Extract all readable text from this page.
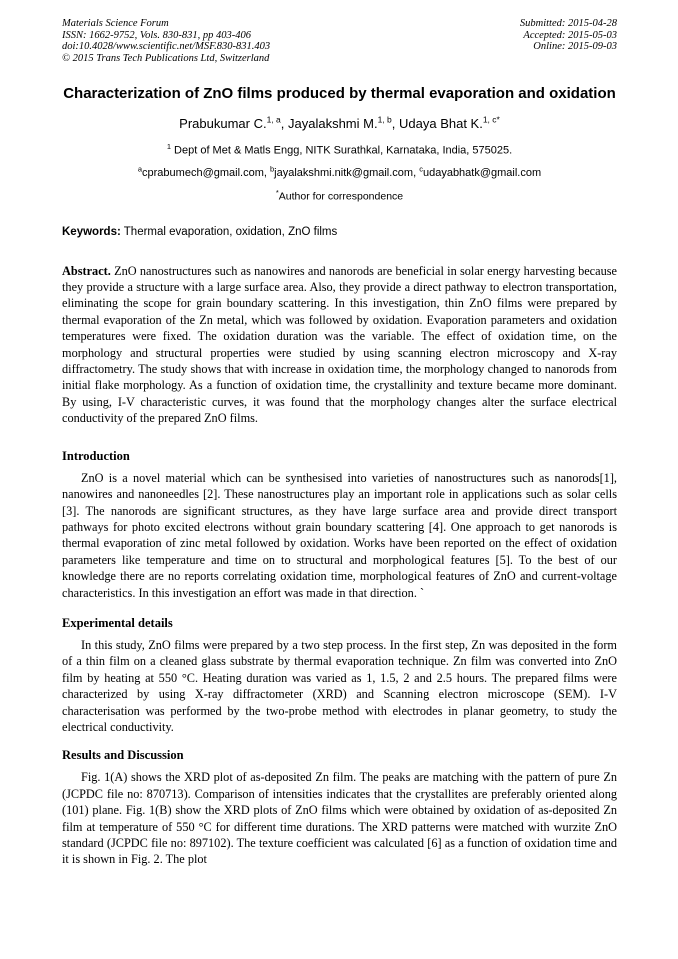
Materials Science Forum
ISSN: 1662-9752, Vols. 830-831, pp 403-406
doi:10.4028/www.scientific.net/MSF.830-831.403
© 2015 Trans Tech Publications Ltd, Switzerland
Submitted: 2015-04-28
Accepted: 2015-05-03
Online: 2015-09-03
Characterization of ZnO films produced by thermal evaporation and oxidation
Prabukumar C.$^{1, a}$, Jayalakshmi M.$^{1, b}$, Udaya Bhat K.$^{1, c*}$
$^1$ Dept of Met & Matls Engg, NITK Surathkal, Karnataka, India, 575025.
$^a$cprabumech@gmail.com, $^b$jayalakshmi.nitk@gmail.com, $^c$udayabhatk@gmail.com
*Author for correspondence
Keywords: Thermal evaporation, oxidation, ZnO films

Abstract. ZnO nanostructures such as nanowires and nanorods are beneficial in solar energy harvesting because they provide a structure with a large surface area. Also, they provide a direct pathway to electron transportation, eliminating the scope for grain boundary scattering. In this investigation, thin ZnO films were prepared by thermal evaporation of the Zn metal, which was followed by oxidation. Evaporation parameters and oxidation temperatures were fixed. The oxidation duration was the variable. The effect of oxidation time, on the morphology and structural properties were studied by using scanning electron microscopy and X-ray diffractometry. The study shows that with increase in oxidation time, the morphology changed to nanorods from initial flake morphology. As a function of oxidation time, the crystallinity and texture became more dominant. By using, I-V characteristic curves, it was found that the morphology changes alter the surface electrical conductivity of the prepared ZnO films.

Introduction

ZnO is a novel material which can be synthesised into varieties of nanostructures such as nanorods[1], nanowires and nanoneedles [2]. These nanostructures play an important role in applications such as solar cells [3]. The nanorods are significant structures, as they have large surface area and provide direct transport pathways for photo excited electrons without grain boundary scattering [4]. One approach to get nanorods is thermal evaporation of zinc metal followed by oxidation. Works have been reported on the effect of oxidation parameters like temperature and time on to structural and morphological features [5]. To the best of our knowledge there are no reports correlating oxidation time, morphological features of ZnO and current-voltage characteristics. In this investigation an effort was made in that direction. `

Experimental details

In this study, ZnO films were prepared by a two step process. In the first step, Zn was deposited in the form of a thin film on a cleaned glass substrate by thermal evaporation technique. Zn film was converted into ZnO film by heating at 550 °C. Heating duration was varied as 1, 1.5, 2 and 2.5 hours. The prepared films were characterized by using X-ray diffractometer (XRD) and Scanning electron microscope (SEM). I-V characterisation was performed by the two-probe method with electrodes in planar geometry, to study the electrical conductivity.

Results and Discussion

Fig. 1(A) shows the XRD plot of as-deposited Zn film. The peaks are matching with the pattern of pure Zn (JCPDC file no: 870713). Comparison of intensities indicates that the crystallites are preferably oriented along (101) plane. Fig. 1(B) show the XRD plots of ZnO films which were obtained by oxidation of as-deposited Zn film at temperature of 550 °C for different time durations. The XRD patterns were matched with wurzite ZnO standard (JCPDC file no: 897102). The texture coefficient was calculated [6] as a function of oxidation time and it is shown in Fig. 2. The plot
